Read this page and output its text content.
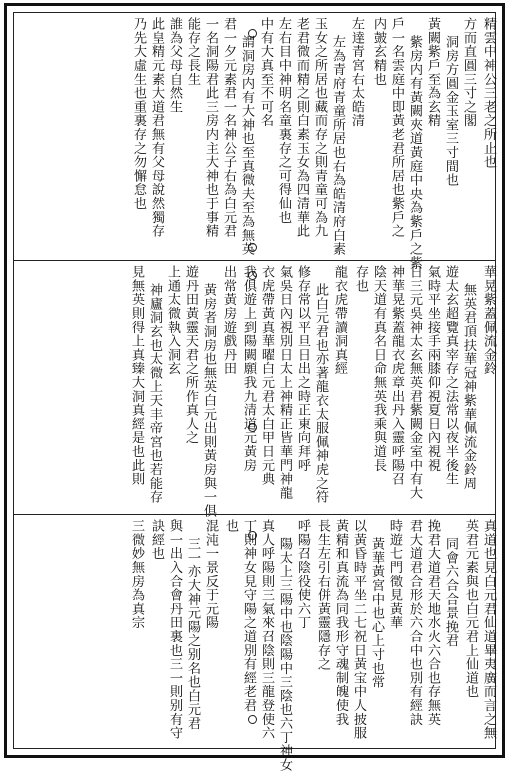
精雲中神公三老之所止也
方而直圓三寸之閣
洞房方圓金玉室三寸間也
黃闕紫戶至為玄精
紫房内有黃闕夾道黃庭中央為紫戶之紫
戶一名雲庭中即黃老君所居也紫戶之
内皷玄精也
左達青宮右太皓清
左為青府青童所居也右為皓清府白素
玉女之所居也藏而存之則青童可為九
老君微而精之則白素玉女為四清華此
左右目中神明名童裏存之可得仙也
中有大真至不可名
謂洞房内有大神也至真微夫至為無英
君一夕元素君一名神公子右為白元君
一名洞陽君此三房内主大神也于事精
能存之長生
誰為父母自然生
此皇精元素大道君無有父母說然獨存
乃先大虛生也重裏存之勿懈怠也
華晃紫蓋佩流金鈴
無英君頂扶華冠神紫華佩流金鈴周
遊太玄超覽真宰存之法常以夜半後生
氣時平坐接手兩膝仰視夏日內視視
日三元吳神太玄無英君紫闕金室中有大
神華晃紫蓋龍衣虎章出丹入靈呼陽召
陰天道有真名日命無英我乘與道長
存也
龍衣虎帶讀洞真經
此白元君也亦著龍衣太服佩神虎之符
修存常以平旦日出之時正東向拜呼
氣吳日內視別日太上神精正皆華門神龍
衣虎帶黃真華曜白元君太白甲日元典
我俱遊上到陽闕願我九清道元黃房
出常黃房遊戲丹田
黃房者洞房也無英白元出則黃房與一俱
遊丹田黃靈天君之所作真人之
上通太微執入洞玄
神廬洞玄也太微上天丰帝宮也若能存
見無英則得上真臻大洞真經是也此則
真道也見白元君仙道畢夷廣而言之無
英君元素與也白元君上仙道也
同會六合合景挽君
挽君大道君天地水火六合也存無英
君大道君合形於六合中也別有經訣
時遊七門徵見黃華
黃華黃宮中也心上寸也常
以黃昏時平坐二七祝日黃宝中人披服
黃精和真流為同我形守魂制魄使我
長生左引右併黃靈隱存之
呼陽召陰役使六丁
陽太上三陽中也陰陽中三陰也六丁神女
真人呼陽則三氣來召陰則三龍登使六
丁則神女見守陽之道別有經老君
也
混沌一景反于元陽
三一亦大神元陽之别名也白元君
與一出入合會丹田裏也三一則别有守
訣經也
三微妙無房為真宗
